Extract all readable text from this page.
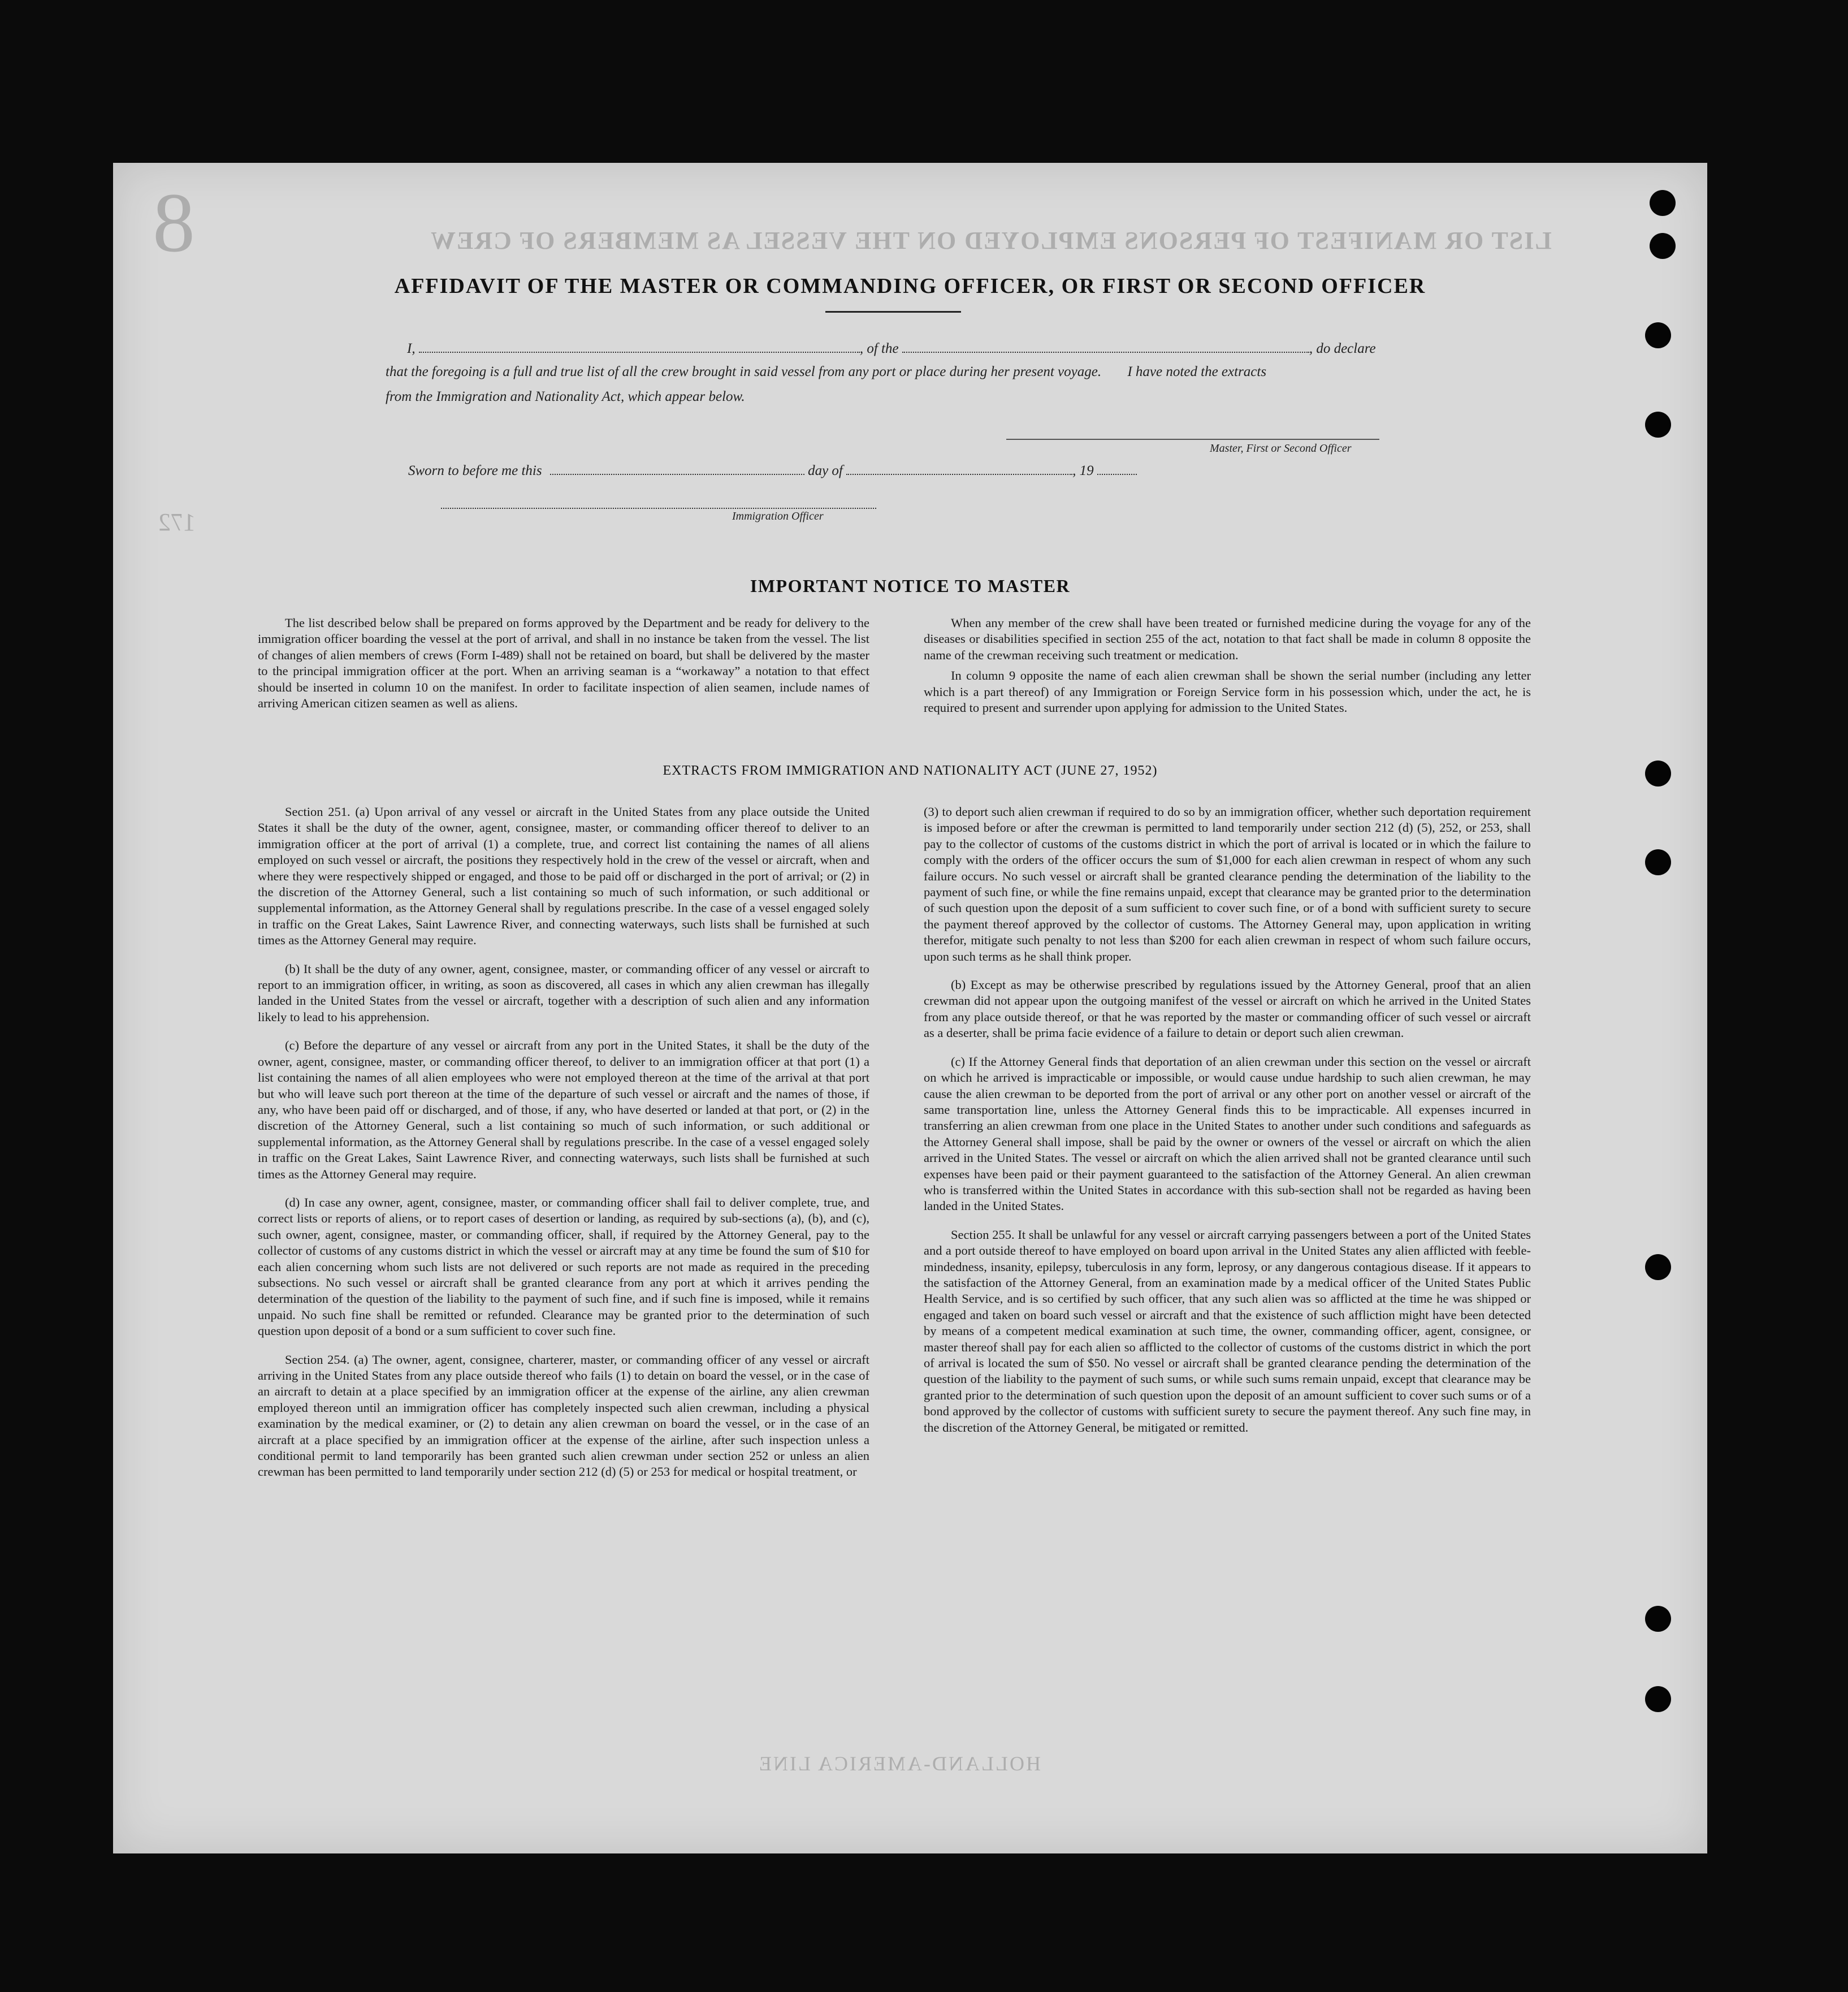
8	LIST OR MANIFEST OF PERSONS EMPLOYED ON THE VESSEL AS MEMBERS OF CREW
172
HOLLAND-AMERICA LINE
AFFIDAVIT OF THE MASTER OR COMMANDING OFFICER, OR FIRST OR SECOND OFFICER
I,	, of the	, do declare
that the foregoing is a full and true list of all the crew brought in said vessel from any port or place during her present voyage. I have noted the extracts
from the Immigration and Nationality Act, which appear below.
Master, First or Second Officer
Sworn to before me this	day of	, 19
Immigration Officer
IMPORTANT NOTICE TO MASTER

The list described below shall be prepared on forms approved by the Department and be ready for delivery to the immigration officer boarding the vessel at the port of arrival, and shall in no instance be taken from the vessel. The list of changes of alien members of crews (Form I-489) shall not be retained on board, but shall be delivered by the master to the principal immigration officer at the port. When an arriving seaman is a “workaway” a notation to that effect should be inserted in column 10 on the manifest. In order to facilitate inspection of alien seamen, include names of arriving American citizen seamen as well as aliens.

When any member of the crew shall have been treated or furnished medicine during the voyage for any of the diseases or disabilities specified in section 255 of the act, notation to that fact shall be made in column 8 opposite the name of the crewman receiving such treatment or medication.

In column 9 opposite the name of each alien crewman shall be shown the serial number (including any letter which is a part thereof) of any Immigration or Foreign Service form in his possession which, under the act, he is required to present and surrender upon applying for admission to the United States.

EXTRACTS FROM IMMIGRATION AND NATIONALITY ACT (JUNE 27, 1952)

Section 251. (a) Upon arrival of any vessel or aircraft in the United States from any place outside the United States it shall be the duty of the owner, agent, consignee, master, or commanding officer thereof to deliver to an immigration officer at the port of arrival (1) a complete, true, and correct list containing the names of all aliens employed on such vessel or aircraft, the positions they respectively hold in the crew of the vessel or aircraft, when and where they were respectively shipped or engaged, and those to be paid off or discharged in the port of arrival; or (2) in the discretion of the Attorney General, such a list containing so much of such information, or such additional or supplemental information, as the Attorney General shall by regulations prescribe. In the case of a vessel engaged solely in traffic on the Great Lakes, Saint Lawrence River, and connecting waterways, such lists shall be furnished at such times as the Attorney General may require.

(b) It shall be the duty of any owner, agent, consignee, master, or commanding officer of any vessel or aircraft to report to an immigration officer, in writing, as soon as discovered, all cases in which any alien crewman has illegally landed in the United States from the vessel or aircraft, together with a description of such alien and any information likely to lead to his apprehension.

(c) Before the departure of any vessel or aircraft from any port in the United States, it shall be the duty of the owner, agent, consignee, master, or commanding officer thereof, to deliver to an immigration officer at that port (1) a list containing the names of all alien employees who were not employed thereon at the time of the arrival at that port but who will leave such port thereon at the time of the departure of such vessel or aircraft and the names of those, if any, who have been paid off or discharged, and of those, if any, who have deserted or landed at that port, or (2) in the discretion of the Attorney General, such a list containing so much of such information, or such additional or supplemental information, as the Attorney General shall by regulations prescribe. In the case of a vessel engaged solely in traffic on the Great Lakes, Saint Lawrence River, and connecting waterways, such lists shall be furnished at such times as the Attorney General may require.

(d) In case any owner, agent, consignee, master, or commanding officer shall fail to deliver complete, true, and correct lists or reports of aliens, or to report cases of desertion or landing, as required by sub-sections (a), (b), and (c), such owner, agent, consignee, master, or commanding officer, shall, if required by the Attorney General, pay to the collector of customs of any customs district in which the vessel or aircraft may at any time be found the sum of $10 for each alien concerning whom such lists are not delivered or such reports are not made as required in the preceding subsections. No such vessel or aircraft shall be granted clearance from any port at which it arrives pending the determination of the question of the liability to the payment of such fine, and if such fine is imposed, while it remains unpaid. No such fine shall be remitted or refunded. Clearance may be granted prior to the determination of such question upon deposit of a bond or a sum sufficient to cover such fine.

Section 254. (a) The owner, agent, consignee, charterer, master, or commanding officer of any vessel or aircraft arriving in the United States from any place outside thereof who fails (1) to detain on board the vessel, or in the case of an aircraft to detain at a place specified by an immigration officer at the expense of the airline, any alien crewman employed thereon until an immigration officer has completely inspected such alien crewman, including a physical examination by the medical examiner, or (2) to detain any alien crewman on board the vessel, or in the case of an aircraft at a place specified by an immigration officer at the expense of the airline, after such inspection unless a conditional permit to land temporarily has been granted such alien crewman under section 252 or unless an alien crewman has been permitted to land temporarily under section 212 (d) (5) or 253 for medical or hospital treatment, or

(3) to deport such alien crewman if required to do so by an immigration officer, whether such deportation requirement is imposed before or after the crewman is permitted to land temporarily under section 212 (d) (5), 252, or 253, shall pay to the collector of customs of the customs district in which the port of arrival is located or in which the failure to comply with the orders of the officer occurs the sum of $1,000 for each alien crewman in respect of whom any such failure occurs. No such vessel or aircraft shall be granted clearance pending the determination of the liability to the payment of such fine, or while the fine remains unpaid, except that clearance may be granted prior to the determination of such question upon the deposit of a sum sufficient to cover such fine, or of a bond with sufficient surety to secure the payment thereof approved by the collector of customs. The Attorney General may, upon application in writing therefor, mitigate such penalty to not less than $200 for each alien crewman in respect of whom such failure occurs, upon such terms as he shall think proper.

(b) Except as may be otherwise prescribed by regulations issued by the Attorney General, proof that an alien crewman did not appear upon the outgoing manifest of the vessel or aircraft on which he arrived in the United States from any place outside thereof, or that he was reported by the master or commanding officer of such vessel or aircraft as a deserter, shall be prima facie evidence of a failure to detain or deport such alien crewman.

(c) If the Attorney General finds that deportation of an alien crewman under this section on the vessel or aircraft on which he arrived is impracticable or impossible, or would cause undue hardship to such alien crewman, he may cause the alien crewman to be deported from the port of arrival or any other port on another vessel or aircraft of the same transportation line, unless the Attorney General finds this to be impracticable. All expenses incurred in transferring an alien crewman from one place in the United States to another under such conditions and safeguards as the Attorney General shall impose, shall be paid by the owner or owners of the vessel or aircraft on which the alien arrived in the United States. The vessel or aircraft on which the alien arrived shall not be granted clearance until such expenses have been paid or their payment guaranteed to the satisfaction of the Attorney General. An alien crewman who is transferred within the United States in accordance with this sub-section shall not be regarded as having been landed in the United States.

Section 255. It shall be unlawful for any vessel or aircraft carrying passengers between a port of the United States and a port outside thereof to have employed on board upon arrival in the United States any alien afflicted with feeble-mindedness, insanity, epilepsy, tuberculosis in any form, leprosy, or any dangerous contagious disease. If it appears to the satisfaction of the Attorney General, from an examination made by a medical officer of the United States Public Health Service, and is so certified by such officer, that any such alien was so afflicted at the time he was shipped or engaged and taken on board such vessel or aircraft and that the existence of such affliction might have been detected by means of a competent medical examination at such time, the owner, commanding officer, agent, consignee, or master thereof shall pay for each alien so afflicted to the collector of customs of the customs district in which the port of arrival is located the sum of $50. No vessel or aircraft shall be granted clearance pending the determination of the question of the liability to the payment of such sums, or while such sums remain unpaid, except that clearance may be granted prior to the determination of such question upon the deposit of an amount sufficient to cover such sums or of a bond approved by the collector of customs with sufficient surety to secure the payment thereof. Any such fine may, in the discretion of the Attorney General, be mitigated or remitted.
